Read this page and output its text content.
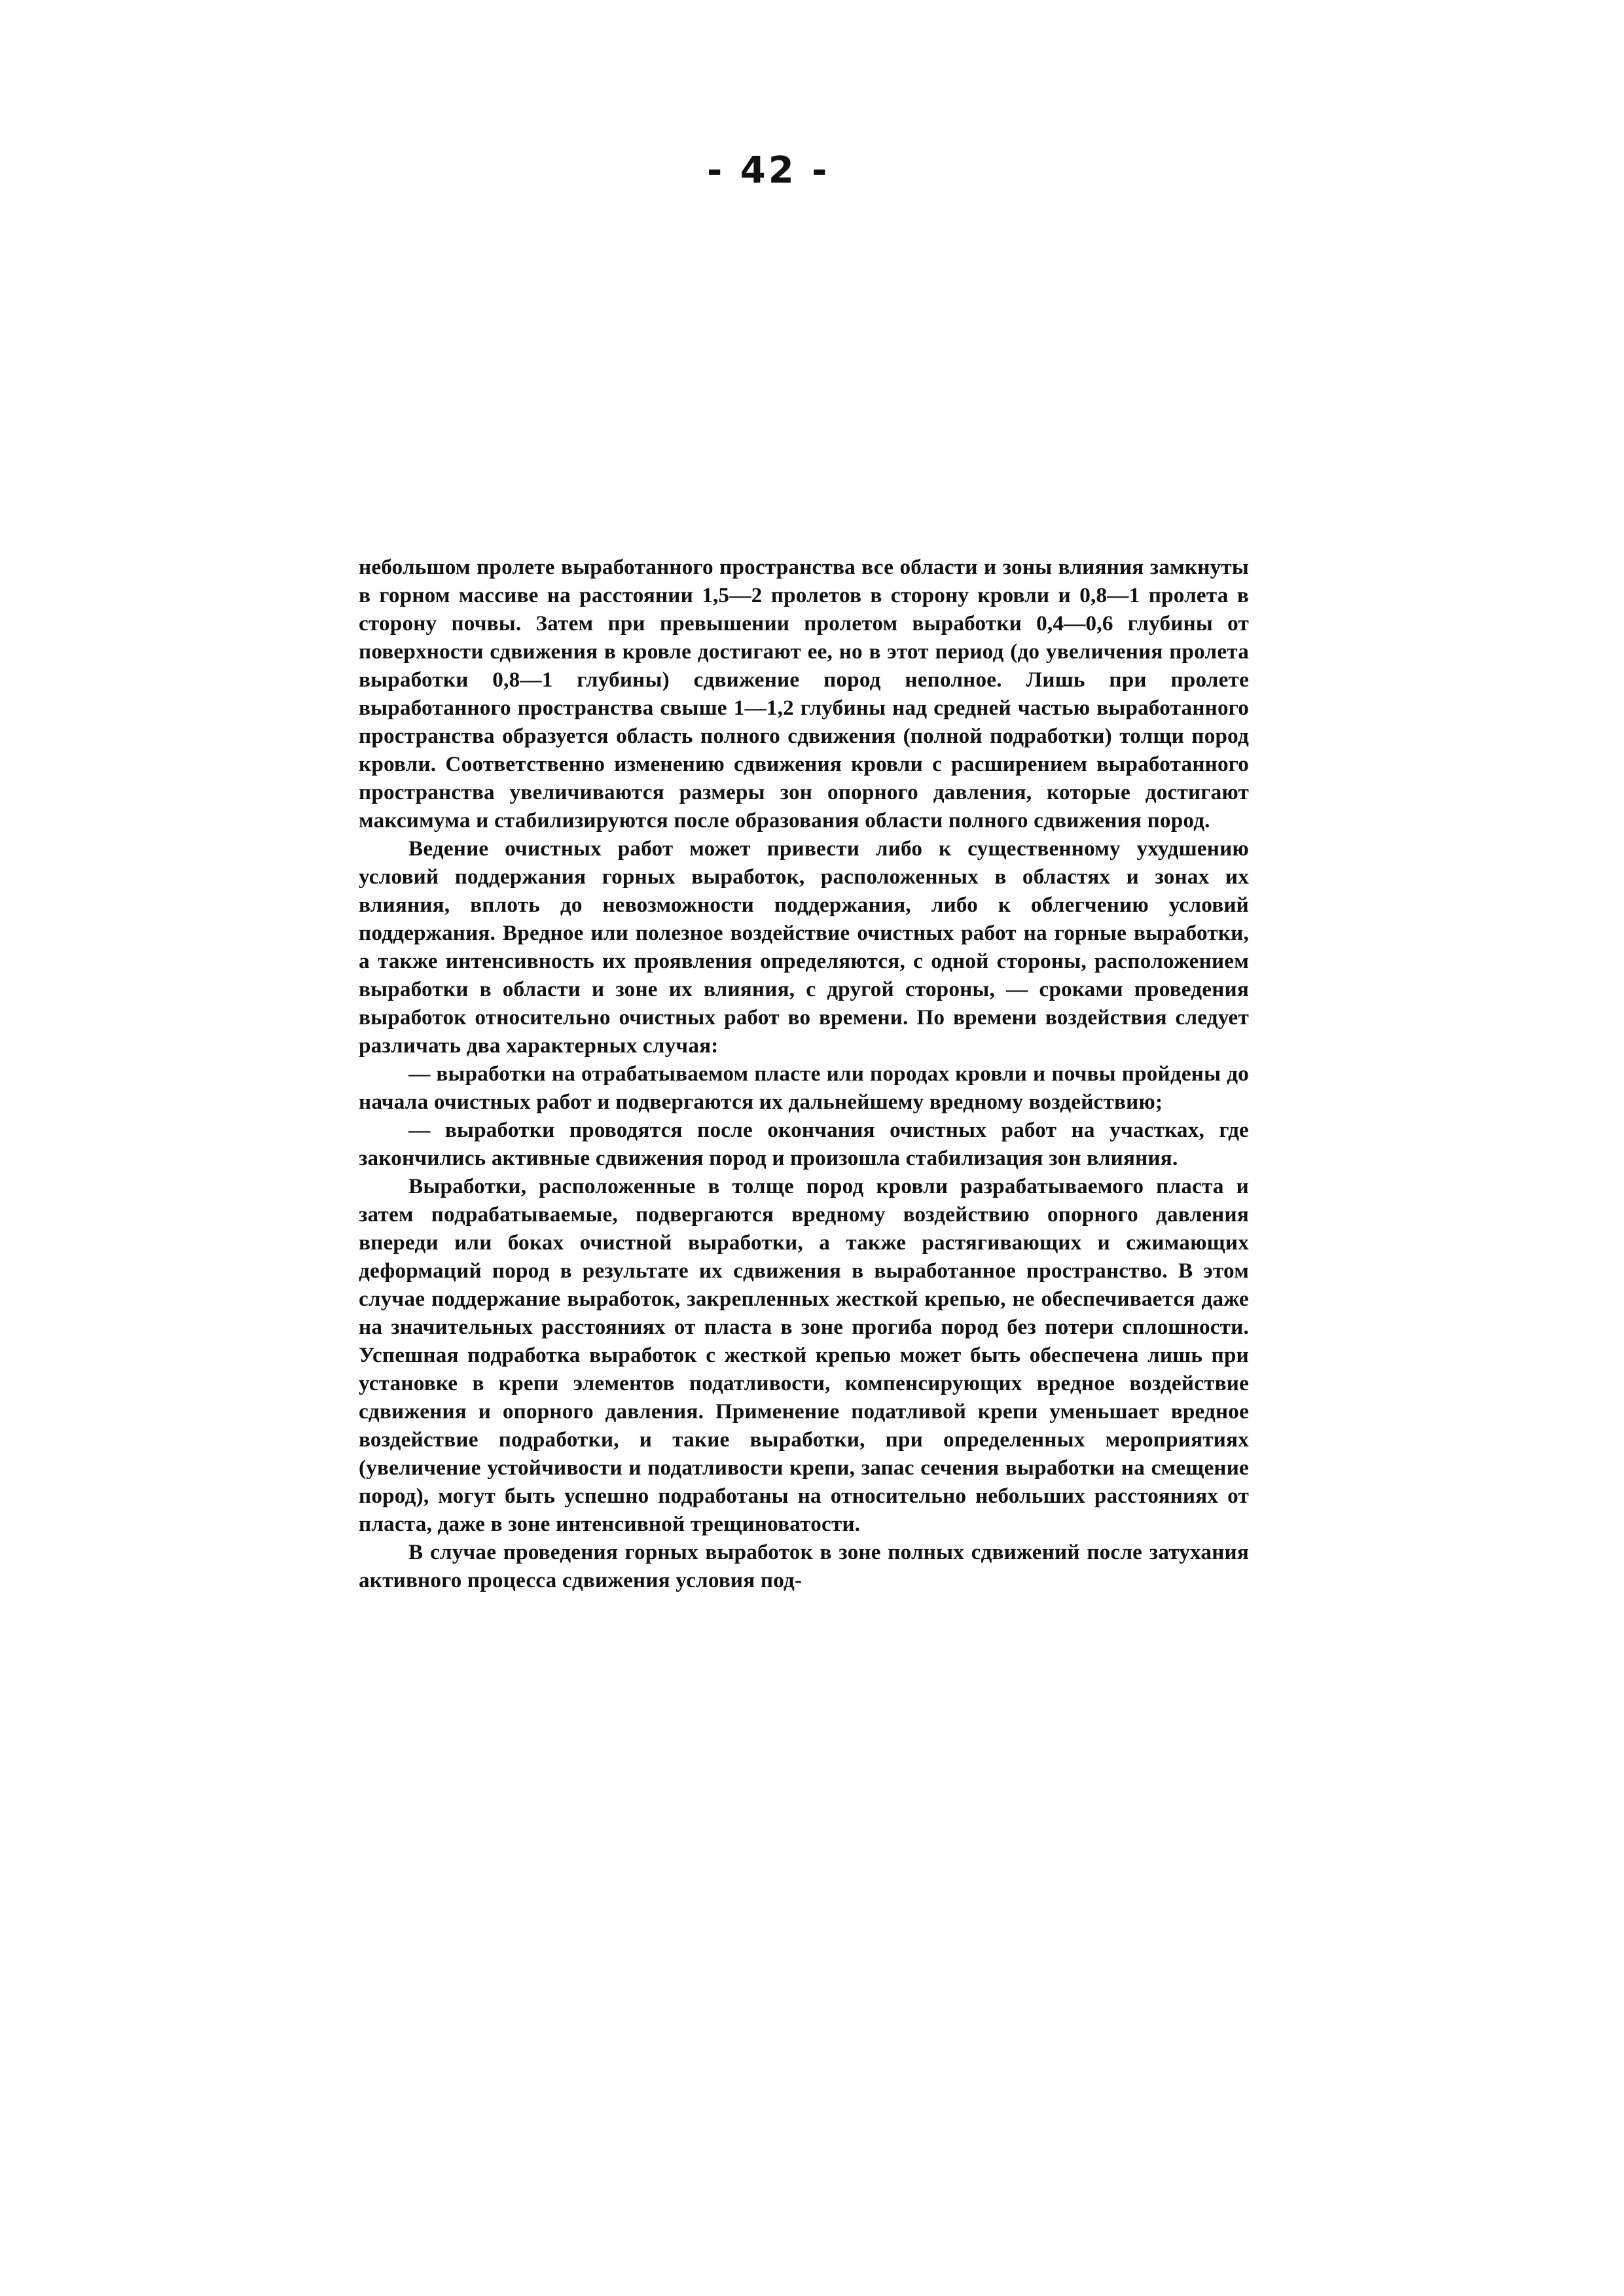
- 42 -

небольшом пролете выработанного пространства все области и зоны влияния замкнуты в горном массиве на расстоянии 1,5—2 пролетов в сторону кровли и 0,8—1 пролета в сторону почвы. Затем при превышении пролетом выработки 0,4—0,6 глубины от поверхности сдвижения в кровле достигают ее, но в этот период (до увеличения пролета выработки 0,8—1 глубины) сдвижение пород неполное. Лишь при пролете выработанного пространства свыше 1—1,2 глубины над средней частью выработанного пространства образуется область полного сдвижения (полной подработки) толщи пород кровли. Соответственно изменению сдвижения кровли с расширением выработанного пространства увеличиваются размеры зон опорного давления, которые достигают максимума и стабилизируются после образования области полного сдвижения пород.

Ведение очистных работ может привести либо к существенному ухудшению условий поддержания горных выработок, расположенных в областях и зонах их влияния, вплоть до невозможности поддержания, либо к облегчению условий поддержания. Вредное или полезное воздействие очистных работ на горные выработки, а также интенсивность их проявления определяются, с одной стороны, расположением выработки в области и зоне их влияния, с другой стороны, — сроками проведения выработок относительно очистных работ во времени. По времени воздействия следует различать два характерных случая:

— выработки на отрабатываемом пласте или породах кровли и почвы пройдены до начала очистных работ и подвергаются их дальнейшему вредному воздействию;

— выработки проводятся после окончания очистных работ на участках, где закончились активные сдвижения пород и произошла стабилизация зон влияния.

Выработки, расположенные в толще пород кровли разрабатываемого пласта и затем подрабатываемые, подвергаются вредному воздействию опорного давления впереди или боках очистной выработки, а также растягивающих и сжимающих деформаций пород в результате их сдвижения в выработанное пространство. В этом случае поддержание выработок, закрепленных жесткой крепью, не обеспечивается даже на значительных расстояниях от пласта в зоне прогиба пород без потери сплошности. Успешная подработка выработок с жесткой крепью может быть обеспечена лишь при установке в крепи элементов податливости, компенсирующих вредное воздействие сдвижения и опорного давления. Применение податливой крепи уменьшает вредное воздействие подработки, и такие выработки, при определенных мероприятиях (увеличение устойчивости и податливости крепи, запас сечения выработки на смещение пород), могут быть успешно подработаны на относительно небольших расстояниях от пласта, даже в зоне интенсивной трещиноватости.

В случае проведения горных выработок в зоне полных сдвижений после затухания активного процесса сдвижения условия под-
